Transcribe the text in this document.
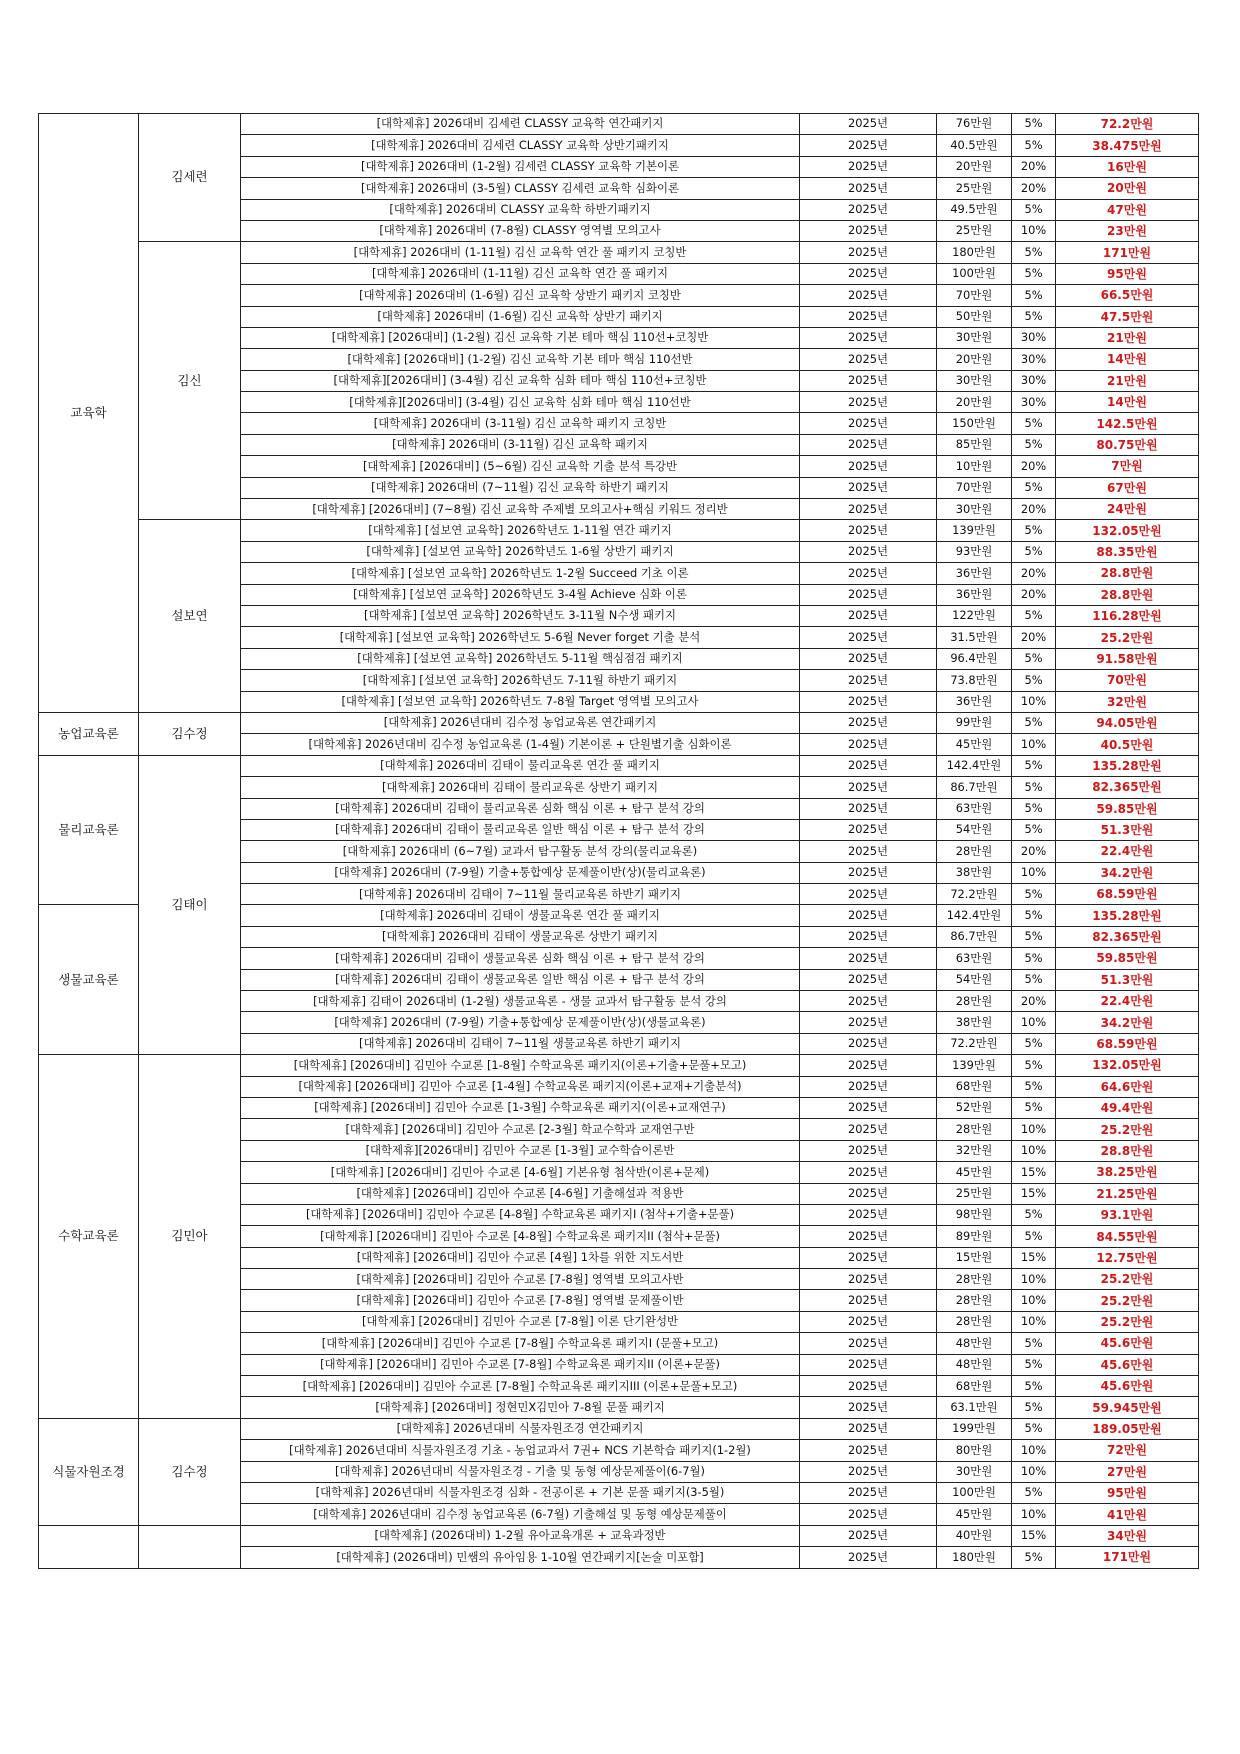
교육학	김세련	[대학제휴] 2026대비 김세련 CLASSY 교육학 연간패키지	2025년	76만원	5%	72.2만원
		[대학제휴] 2026대비 김세련 CLASSY 교육학 상반기패키지	2025년	40.5만원	5%	38.475만원
		[대학제휴] 2026대비 (1-2월) 김세련 CLASSY 교육학 기본이론	2025년	20만원	20%	16만원
		[대학제휴] 2026대비 (3-5월) CLASSY 김세련 교육학 심화이론	2025년	25만원	20%	20만원
		[대학제휴] 2026대비 CLASSY 교육학 하반기패키지	2025년	49.5만원	5%	47만원
		[대학제휴] 2026대비 (7-8월) CLASSY 영역별 모의고사	2025년	25만원	10%	23만원
	김신	[대학제휴] 2026대비 (1-11월) 김신 교육학 연간 풀 패키지 코칭반	2025년	180만원	5%	171만원
		[대학제휴] 2026대비 (1-11월) 김신 교육학 연간 풀 패키지	2025년	100만원	5%	95만원
		[대학제휴] 2026대비 (1-6월) 김신 교육학 상반기 패키지 코칭반	2025년	70만원	5%	66.5만원
		[대학제휴] 2026대비 (1-6월) 김신 교육학 상반기 패키지	2025년	50만원	5%	47.5만원
		[대학제휴] [2026대비] (1-2월) 김신 교육학 기본 테마 핵심 110선+코칭반	2025년	30만원	30%	21만원
		[대학제휴] [2026대비] (1-2월) 김신 교육학 기본 테마 핵심 110선반	2025년	20만원	30%	14만원
		[대학제휴][2026대비] (3-4월) 김신 교육학 심화 테마 핵심 110선+코칭반	2025년	30만원	30%	21만원
		[대학제휴][2026대비] (3-4월) 김신 교육학 심화 테마 핵심 110선반	2025년	20만원	30%	14만원
		[대학제휴] 2026대비 (3-11월) 김신 교육학 패키지 코칭반	2025년	150만원	5%	142.5만원
		[대학제휴] 2026대비 (3-11월) 김신 교육학 패키지	2025년	85만원	5%	80.75만원
		[대학제휴] [2026대비] (5~6월) 김신 교육학 기출 분석 특강반	2025년	10만원	20%	7만원
		[대학제휴] 2026대비 (7~11월) 김신 교육학 하반기 패키지	2025년	70만원	5%	67만원
		[대학제휴] [2026대비] (7~8월) 김신 교육학 주제별 모의고사+핵심 키워드 정리반	2025년	30만원	20%	24만원
	설보연	[대학제휴] [설보연 교육학] 2026학년도 1-11월 연간 패키지	2025년	139만원	5%	132.05만원
		[대학제휴] [설보연 교육학] 2026학년도 1-6월 상반기 패키지	2025년	93만원	5%	88.35만원
		[대학제휴] [설보연 교육학] 2026학년도 1-2월 Succeed 기초 이론	2025년	36만원	20%	28.8만원
		[대학제휴] [설보연 교육학] 2026학년도 3-4월 Achieve 심화 이론	2025년	36만원	20%	28.8만원
		[대학제휴] [설보연 교육학] 2026학년도 3-11월 N수생 패키지	2025년	122만원	5%	116.28만원
		[대학제휴] [설보연 교육학] 2026학년도 5-6월 Never forget 기출 분석	2025년	31.5만원	20%	25.2만원
		[대학제휴] [설보연 교육학] 2026학년도 5-11월 핵심점검 패키지	2025년	96.4만원	5%	91.58만원
		[대학제휴] [설보연 교육학] 2026학년도 7-11월 하반기 패키지	2025년	73.8만원	5%	70만원
		[대학제휴] [설보연 교육학] 2026학년도 7-8월 Target 영역별 모의고사	2025년	36만원	10%	32만원
농업교육론	김수정	[대학제휴] 2026년대비 김수정 농업교육론 연간패키지	2025년	99만원	5%	94.05만원
		[대학제휴] 2026년대비 김수정 농업교육론 (1-4월) 기본이론 + 단원별기출 심화이론	2025년	45만원	10%	40.5만원
물리교육론	김태이	[대학제휴] 2026대비 김태이 물리교육론 연간 풀 패키지	2025년	142.4만원	5%	135.28만원
		[대학제휴] 2026대비 김태이 물리교육론 상반기 패키지	2025년	86.7만원	5%	82.365만원
		[대학제휴] 2026대비 김태이 물리교육론 심화 핵심 이론 + 탐구 분석 강의	2025년	63만원	5%	59.85만원
		[대학제휴] 2026대비 김태이 물리교육론 일반 핵심 이론 + 탐구 분석 강의	2025년	54만원	5%	51.3만원
		[대학제휴] 2026대비 (6~7월) 교과서 탐구활동 분석 강의(물리교육론)	2025년	28만원	20%	22.4만원
		[대학제휴] 2026대비 (7-9월) 기출+통합예상 문제풀이반(상)(물리교육론)	2025년	38만원	10%	34.2만원
		[대학제휴] 2026대비 김태이 7~11월 물리교육론 하반기 패키지	2025년	72.2만원	5%	68.59만원
생물교육론		[대학제휴] 2026대비 김태이 생물교육론 연간 풀 패키지	2025년	142.4만원	5%	135.28만원
		[대학제휴] 2026대비 김태이 생물교육론 상반기 패키지	2025년	86.7만원	5%	82.365만원
		[대학제휴] 2026대비 김태이 생물교육론 심화 핵심 이론 + 탐구 분석 강의	2025년	63만원	5%	59.85만원
		[대학제휴] 2026대비 김태이 생물교육론 일반 핵심 이론 + 탐구 분석 강의	2025년	54만원	5%	51.3만원
		[대학제휴] 김태이 2026대비 (1-2월) 생물교육론 - 생물 교과서 탐구활동 분석 강의	2025년	28만원	20%	22.4만원
		[대학제휴] 2026대비 (7-9월) 기출+통합예상 문제풀이반(상)(생물교육론)	2025년	38만원	10%	34.2만원
		[대학제휴] 2026대비 김태이 7~11월 생물교육론 하반기 패키지	2025년	72.2만원	5%	68.59만원
수학교육론	김민아	[대학제휴] [2026대비] 김민아 수교론 [1-8월] 수학교육론 패키지(이론+기출+문풀+모고)	2025년	139만원	5%	132.05만원
		[대학제휴] [2026대비] 김민아 수교론 [1-4월] 수학교육론 패키지(이론+교재+기출분석)	2025년	68만원	5%	64.6만원
		[대학제휴] [2026대비] 김민아 수교론 [1-3월] 수학교육론 패키지(이론+교재연구)	2025년	52만원	5%	49.4만원
		[대학제휴] [2026대비] 김민아 수교론 [2-3월] 학교수학과 교재연구반	2025년	28만원	10%	25.2만원
		[대학제휴][2026대비] 김민아 수교론 [1-3월] 교수학습이론반	2025년	32만원	10%	28.8만원
		[대학제휴] [2026대비] 김민아 수교론 [4-6월] 기본유형 첨삭반(이론+문제)	2025년	45만원	15%	38.25만원
		[대학제휴] [2026대비] 김민아 수교론 [4-6월] 기출해설과 적용반	2025년	25만원	15%	21.25만원
		[대학제휴] [2026대비] 김민아 수교론 [4-8월] 수학교육론 패키지I (첨삭+기출+문풀)	2025년	98만원	5%	93.1만원
		[대학제휴] [2026대비] 김민아 수교론 [4-8월] 수학교육론 패키지II (첨삭+문풀)	2025년	89만원	5%	84.55만원
		[대학제휴] [2026대비] 김민아 수교론 [4월] 1차를 위한 지도서반	2025년	15만원	15%	12.75만원
		[대학제휴] [2026대비] 김민아 수교론 [7-8월] 영역별 모의고사반	2025년	28만원	10%	25.2만원
		[대학제휴] [2026대비] 김민아 수교론 [7-8월] 영역별 문제풀이반	2025년	28만원	10%	25.2만원
		[대학제휴] [2026대비] 김민아 수교론 [7-8월] 이론 단기완성반	2025년	28만원	10%	25.2만원
		[대학제휴] [2026대비] 김민아 수교론 [7-8월] 수학교육론 패키지I (문풀+모고)	2025년	48만원	5%	45.6만원
		[대학제휴] [2026대비] 김민아 수교론 [7-8월] 수학교육론 패키지II (이론+문풀)	2025년	48만원	5%	45.6만원
		[대학제휴] [2026대비] 김민아 수교론 [7-8월] 수학교육론 패키지III (이론+문풀+모고)	2025년	68만원	5%	45.6만원
		[대학제휴] [2026대비] 정현민X김민아 7-8월 문풀 패키지	2025년	63.1만원	5%	59.945만원
식물자원조경	김수정	[대학제휴] 2026년대비 식물자원조경 연간패키지	2025년	199만원	5%	189.05만원
		[대학제휴] 2026년대비 식물자원조경 기초 - 농업교과서 7권+ NCS 기본학습 패키지(1-2월)	2025년	80만원	10%	72만원
		[대학제휴] 2026년대비 식물자원조경 - 기출 및 동형 예상문제풀이(6-7월)	2025년	30만원	10%	27만원
		[대학제휴] 2026년대비 식물자원조경 심화 - 전공이론 + 기본 문풀 패키지(3-5월)	2025년	100만원	5%	95만원
		[대학제휴] 2026년대비 김수정 농업교육론 (6-7월) 기출해설 및 동형 예상문제풀이	2025년	45만원	10%	41만원
		[대학제휴] (2026대비) 1-2월 유아교육개론 + 교육과정반	2025년	40만원	15%	34만원
		[대학제휴] (2026대비) 민쌤의 유아임용 1-10월 연간패키지[논술 미포함]	2025년	180만원	5%	171만원
